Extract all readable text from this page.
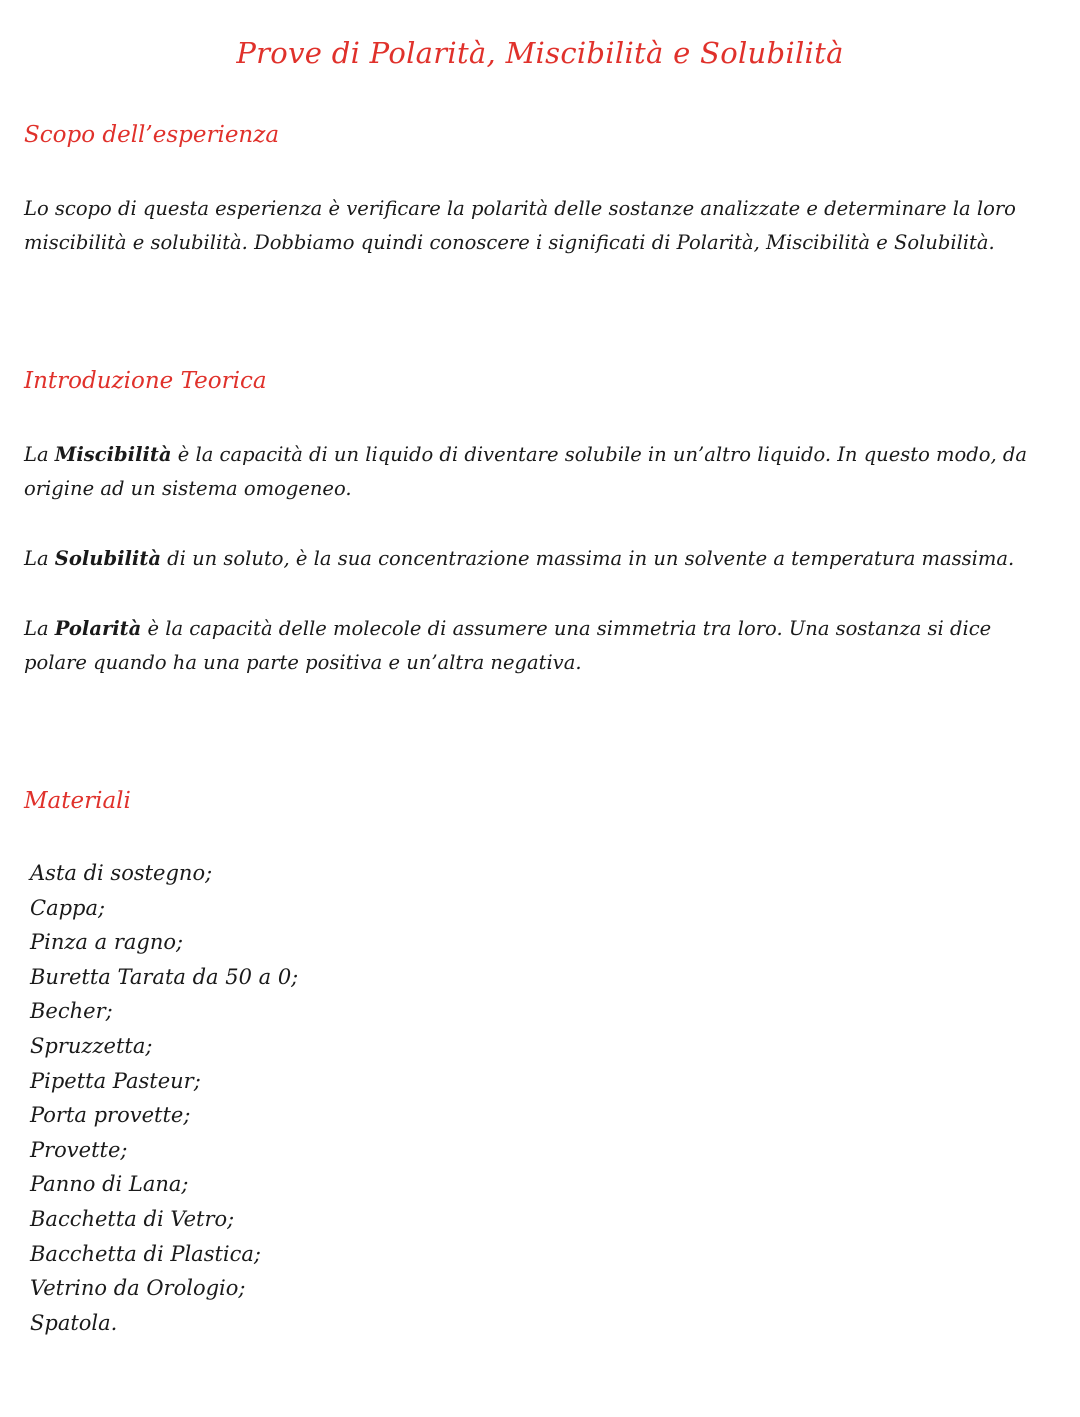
Prove di Polarità, Miscibilità e Solubilità
Scopo dell’esperienza
Lo scopo di questa esperienza è verificare la polarità delle sostanze analizzate e determinare la loro miscibilità e solubilità. Dobbiamo quindi conoscere i significati di Polarità, Miscibilità e Solubilità.
Introduzione Teorica
La Miscibilità è la capacità di un liquido di diventare solubile in un’altro liquido. In questo modo, da origine ad un sistema omogeneo.
La Solubilità di un soluto, è la sua concentrazione massima in un solvente a temperatura massima.
La Polarità è la capacità delle molecole di assumere una simmetria tra loro. Una sostanza si dice polare quando ha una parte positiva e un’altra negativa.
Materiali
Asta di sostegno;
Cappa;
Pinza a ragno;
Buretta Tarata da 50 a 0;
Becher;
Spruzzetta;
Pipetta Pasteur;
Porta provette;
Provette;
Panno di Lana;
Bacchetta di Vetro;
Bacchetta di Plastica;
Vetrino da Orologio;
Spatola.
